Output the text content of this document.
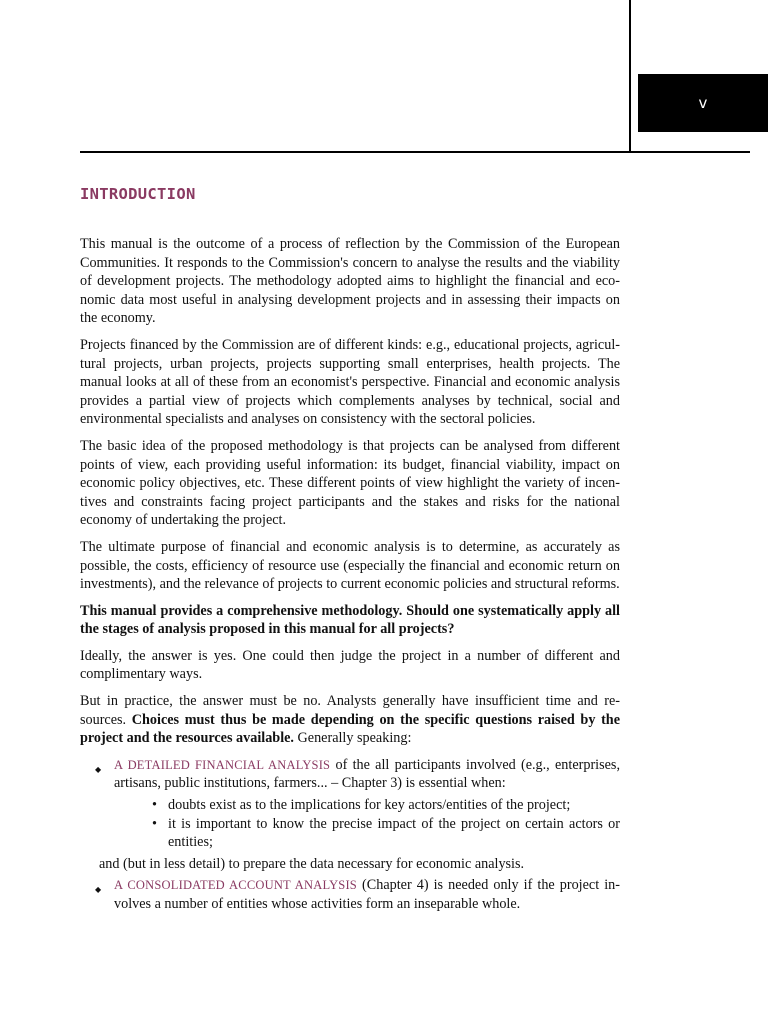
v
INTRODUCTION

This manual is the outcome of a process of reflection by the Commission of the European Communities. It responds to the Commission's concern to analyse the results and the viability of development projects. The methodology adopted aims to highlight the financial and economic data most useful in analysing development projects and in assessing their impacts on the economy.

Projects financed by the Commission are of different kinds: e.g., educational projects, agricultural projects, urban projects, projects supporting small enterprises, health projects. The manual looks at all of these from an economist's perspective. Financial and economic analysis provides a partial view of projects which complements analyses by technical, social and environmental specialists and analyses on consistency with the sectoral policies.

The basic idea of the proposed methodology is that projects can be analysed from different points of view, each providing useful information: its budget, financial viability, impact on economic policy objectives, etc. These different points of view highlight the variety of incentives and constraints facing project participants and the stakes and risks for the national economy of undertaking the project.

The ultimate purpose of financial and economic analysis is to determine, as accurately as possible, the costs, efficiency of resource use (especially the financial and economic return on investments), and the relevance of projects to current economic policies and structural reforms.

This manual provides a comprehensive methodology. Should one systematically apply all the stages of analysis proposed in this manual for all projects?

Ideally, the answer is yes. One could then judge the project in a number of different and complimentary ways.

But in practice, the answer must be no. Analysts generally have insufficient time and resources. Choices must thus be made depending on the specific questions raised by the project and the resources available. Generally speaking:

◆ A DETAILED FINANCIAL ANALYSIS of the all participants involved (e.g., enterprises, artisans, public institutions, farmers... – Chapter 3) is essential when:

• doubts exist as to the implications for key actors/entities of the project;

• it is important to know the precise impact of the project on certain actors or entities;

and (but in less detail) to prepare the data necessary for economic analysis.

◆ A CONSOLIDATED ACCOUNT ANALYSIS (Chapter 4) is needed only if the project involves a number of entities whose activities form an inseparable whole.
